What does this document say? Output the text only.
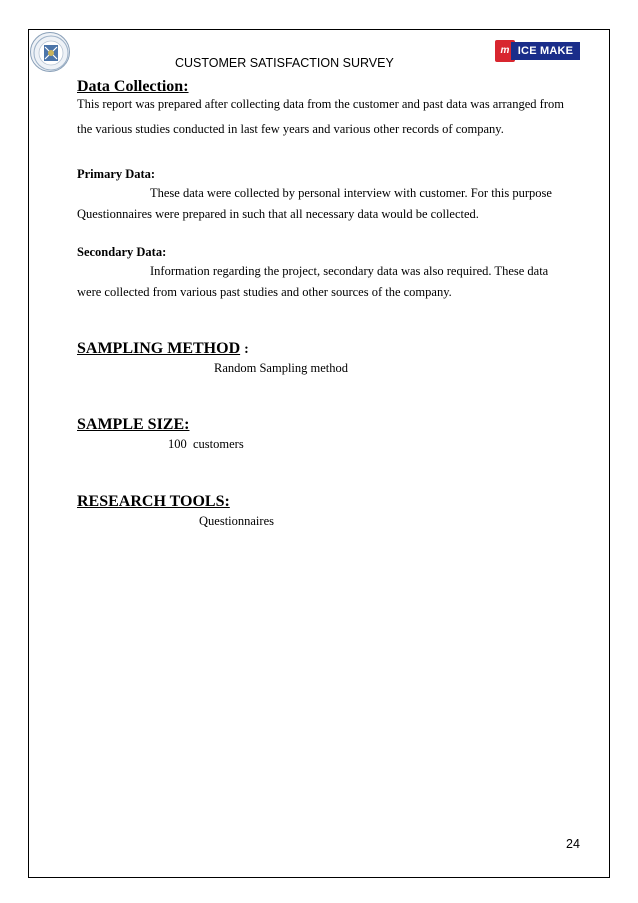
CUSTOMER SATISFACTION SURVEY
ICE MAKE
m
Data Collection:
This report was prepared after collecting data from the customer and past data was arranged from
the various studies conducted in last few years and various other records of company.
Primary Data:
These data were collected by personal interview with customer. For this purpose
Questionnaires were prepared in such that all necessary data would be collected.
Secondary Data:
Information regarding the project, secondary data was also required. These data
were collected from various past studies and other sources of the company.
SAMPLING METHOD :
Random Sampling method
SAMPLE SIZE:
100  customers
RESEARCH TOOLS:
Questionnaires
24
